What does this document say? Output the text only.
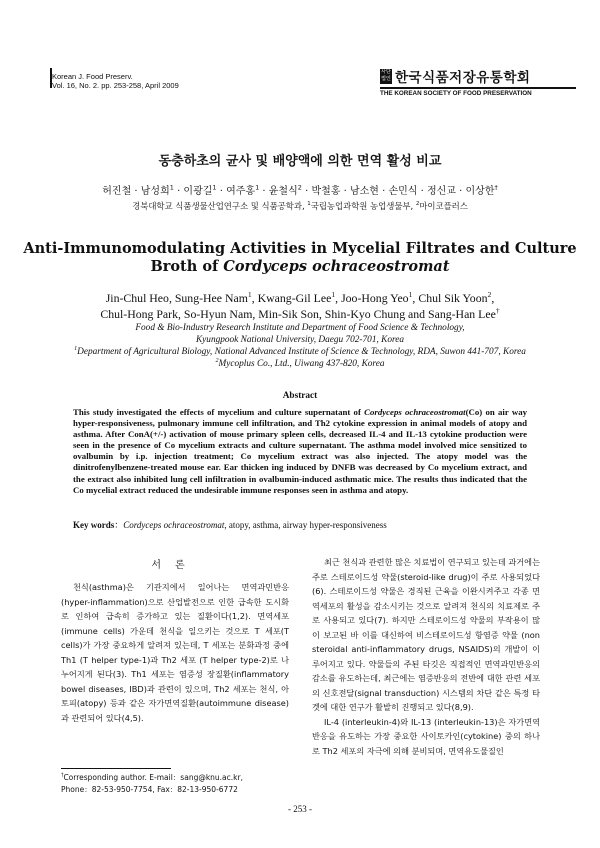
Korean J. Food Preserv.
Vol. 16, No. 2. pp. 253-258, April 2009
사단 법인 한국식품저장유통학회
THE KOREAN SOCIETY OF FOOD PRESERVATION
동충하초의 균사 및 배양액에 의한 면역 활성 비교
허진철 · 남성희$^1$ · 이광길$^1$ · 여주홍$^1$ · 윤철식$^2$ · 박철홍 · 남소현 · 손민식 · 정신교 · 이상한†
경북대학교 식품생물산업연구소 및 식품공학과, $^1$국립농업과학원 농업생물부, $^2$마이코플러스
Anti-Immunomodulating Activities in Mycelial Filtrates and Culture
Broth of Cordyceps ochraceostromat
Jin-Chul Heo, Sung-Hee Nam$^1$, Kwang-Gil Lee$^1$, Joo-Hong Yeo$^1$, Chul Sik Yoon$^2$,
Chul-Hong Park, So-Hyun Nam, Min-Sik Son, Shin-Kyo Chung and Sang-Han Lee†
Food & Bio-Industry Research Institute and Department of Food Science & Technology,
Kyungpook National University, Daegu 702-701, Korea
$^1$Department of Agricultural Biology, National Advanced Institute of Science & Technology, RDA, Suwon 441-707, Korea
$^2$Mycoplus Co., Ltd., Uiwang 437-820, Korea
Abstract
This study investigated the effects of mycelium and culture supernatant of Cordyceps ochraceostromat(Co) on air way hyper-responsiveness, pulmonary immune cell infiltration, and Th2 cytokine expression in animal models of atopy and asthma. After ConA(+/-) activation of mouse primary spleen cells, decreased IL-4 and IL-13 cytokine production were seen in the presence of Co mycelium extracts and culture supernatant. The asthma model involved mice sensitized to ovalbumin by i.p. injection treatment; Co mycelium extract was also injected. The atopy model was the dinitrofenylbenzene-treated mouse ear. Ear thicken ing induced by DNFB was decreased by Co mycelium extract, and the extract also inhibited lung cell infiltration in ovalbumin-induced asthmatic mice. The results thus indicated that the Co mycelial extract reduced the undesirable immune responses seen in asthma and atopy.
Key words：Cordyceps ochraceostromat, atopy, asthma, airway hyper-responsiveness
서론

천식(asthma)은 기관지에서 일어나는 면역과민반응(hyper-inflammation)으로 산업발전으로 인한 급속한 도시화로 인하여 급속히 증가하고 있는 질환이다(1,2). 면역세포(immune cells) 가운데 천식을 일으키는 것으로 T 세포(T cells)가 가장 중요하게 알려져 있는데, T 세포는 분화과정 중에 Th1 (T helper type-1)과 Th2 세포 (T helper type-2)로 나누어지게 된다(3). Th1 세포는 염증성 장질환(inflammatory bowel diseases, IBD)과 관련이 있으며, Th2 세포는 천식, 아토피(atopy) 등과 같은 자가면역질환(autoimmune disease)과 관련되어 있다(4,5).

최근 천식과 관련한 많은 치료법이 연구되고 있는데 과거에는 주로 스테로이드성 약물(steroid-like drug)이 주로 사용되었다(6). 스테로이드성 약물은 경직된 근육을 이완시켜주고 각종 면역세포의 활성을 감소시키는 것으로 알려져 천식의 치료제로 주로 사용되고 있다(7). 하지만 스테로이드성 약물의 부작용이 많이 보고된 바 이를 대신하여 비스테로이드성 항염증 약물 (non steroidal anti-inflammatory drugs, NSAIDS)의 개발이 이루어지고 있다. 약물들의 주된 타깃은 직접적인 면역과민반응의 감소를 유도하는데, 최근에는 염증반응의 전반에 대한 관련 세포의 신호전달(signal transduction) 시스템의 차단 같은 특정 타겟에 대한 연구가 활발히 진행되고 있다(8,9).

IL-4 (interleukin-4)와 IL-13 (interleukin-13)은 자가면역반응을 유도하는 가장 중요한 사이토카인(cytokine) 중의 하나로 Th2 세포의 자극에 의해 분비되며, 면역유도물질인

†Corresponding author. E-mail：sang@knu.ac.kr,
Phone：82-53-950-7754, Fax：82-13-950-6772
- 253 -
